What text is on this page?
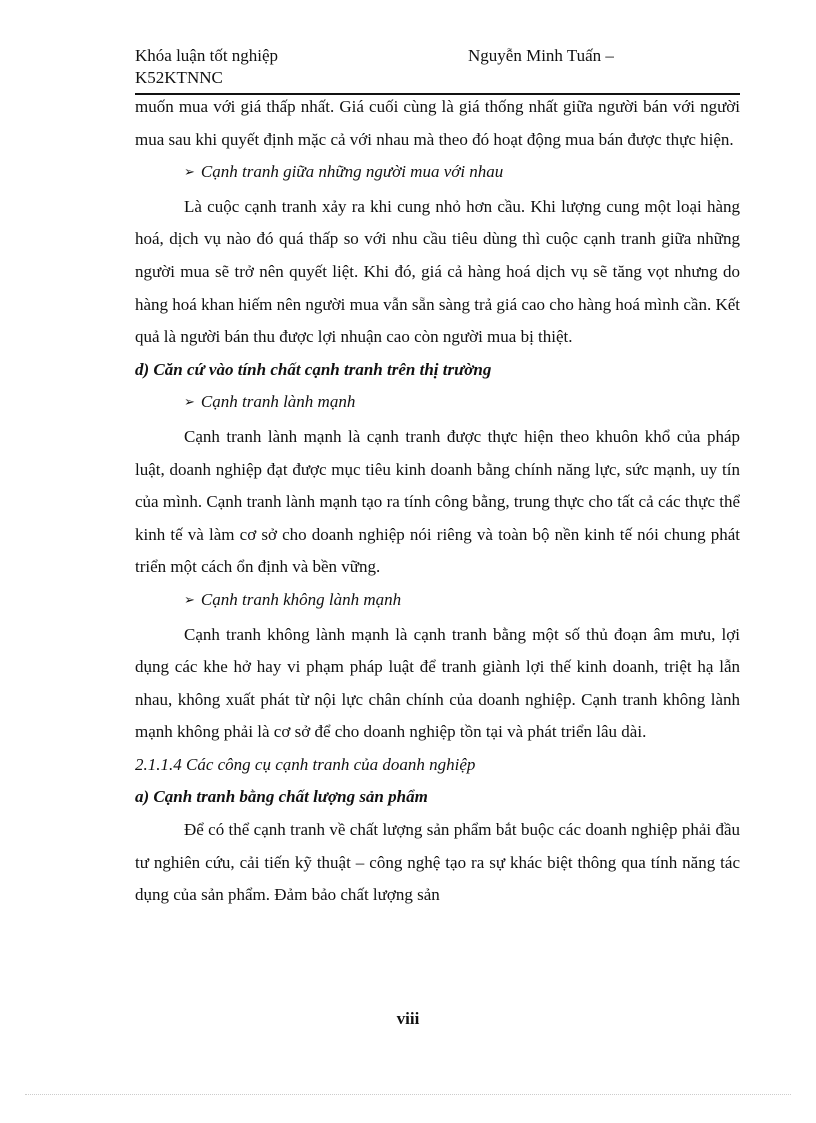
Khóa luận tốt nghiệp
K52KTNNC
Nguyễn Minh Tuấn –

muốn mua với giá thấp nhất. Giá cuối cùng là giá thống nhất giữa người bán với người mua sau khi quyết định mặc cả với nhau mà theo đó hoạt động mua bán được thực hiện.

➢ Cạnh tranh giữa những người mua với nhau

Là cuộc cạnh tranh xảy ra khi cung nhỏ hơn cầu. Khi lượng cung một loại hàng hoá, dịch vụ nào đó quá thấp so với nhu cầu tiêu dùng thì cuộc cạnh tranh giữa những người mua sẽ trở nên quyết liệt. Khi đó, giá cả hàng hoá dịch vụ sẽ tăng vọt nhưng do hàng hoá khan hiếm nên người mua vẫn sẵn sàng trả giá cao cho hàng hoá mình cần. Kết quả là người bán thu được lợi nhuận cao còn người mua bị thiệt.

d) Căn cứ vào tính chất cạnh tranh trên thị trường

➢ Cạnh tranh lành mạnh

Cạnh tranh lành mạnh là cạnh tranh được thực hiện theo khuôn khổ của pháp luật, doanh nghiệp đạt được mục tiêu kinh doanh bằng chính năng lực, sức mạnh, uy tín của mình. Cạnh tranh lành mạnh tạo ra tính công bằng, trung thực cho tất cả các thực thể kinh tế và làm cơ sở cho doanh nghiệp nói riêng và toàn bộ nền kinh tế nói chung phát triển một cách ổn định và bền vững.

➢ Cạnh tranh không lành mạnh

Cạnh tranh không lành mạnh là cạnh tranh bằng một số thủ đoạn âm mưu, lợi dụng các khe hở hay vi phạm pháp luật để tranh giành lợi thế kinh doanh, triệt hạ lẫn nhau, không xuất phát từ nội lực chân chính của doanh nghiệp. Cạnh tranh không lành mạnh không phải là cơ sở để cho doanh nghiệp tồn tại và phát triển lâu dài.

2.1.1.4 Các công cụ cạnh tranh của doanh nghiệp

a) Cạnh tranh bằng chất lượng sản phẩm

Để có thể cạnh tranh về chất lượng sản phẩm bắt buộc các doanh nghiệp phải đầu tư nghiên cứu, cải tiến kỹ thuật – công nghệ tạo ra sự khác biệt thông qua tính năng tác dụng của sản phẩm. Đảm bảo chất lượng sản

viii
